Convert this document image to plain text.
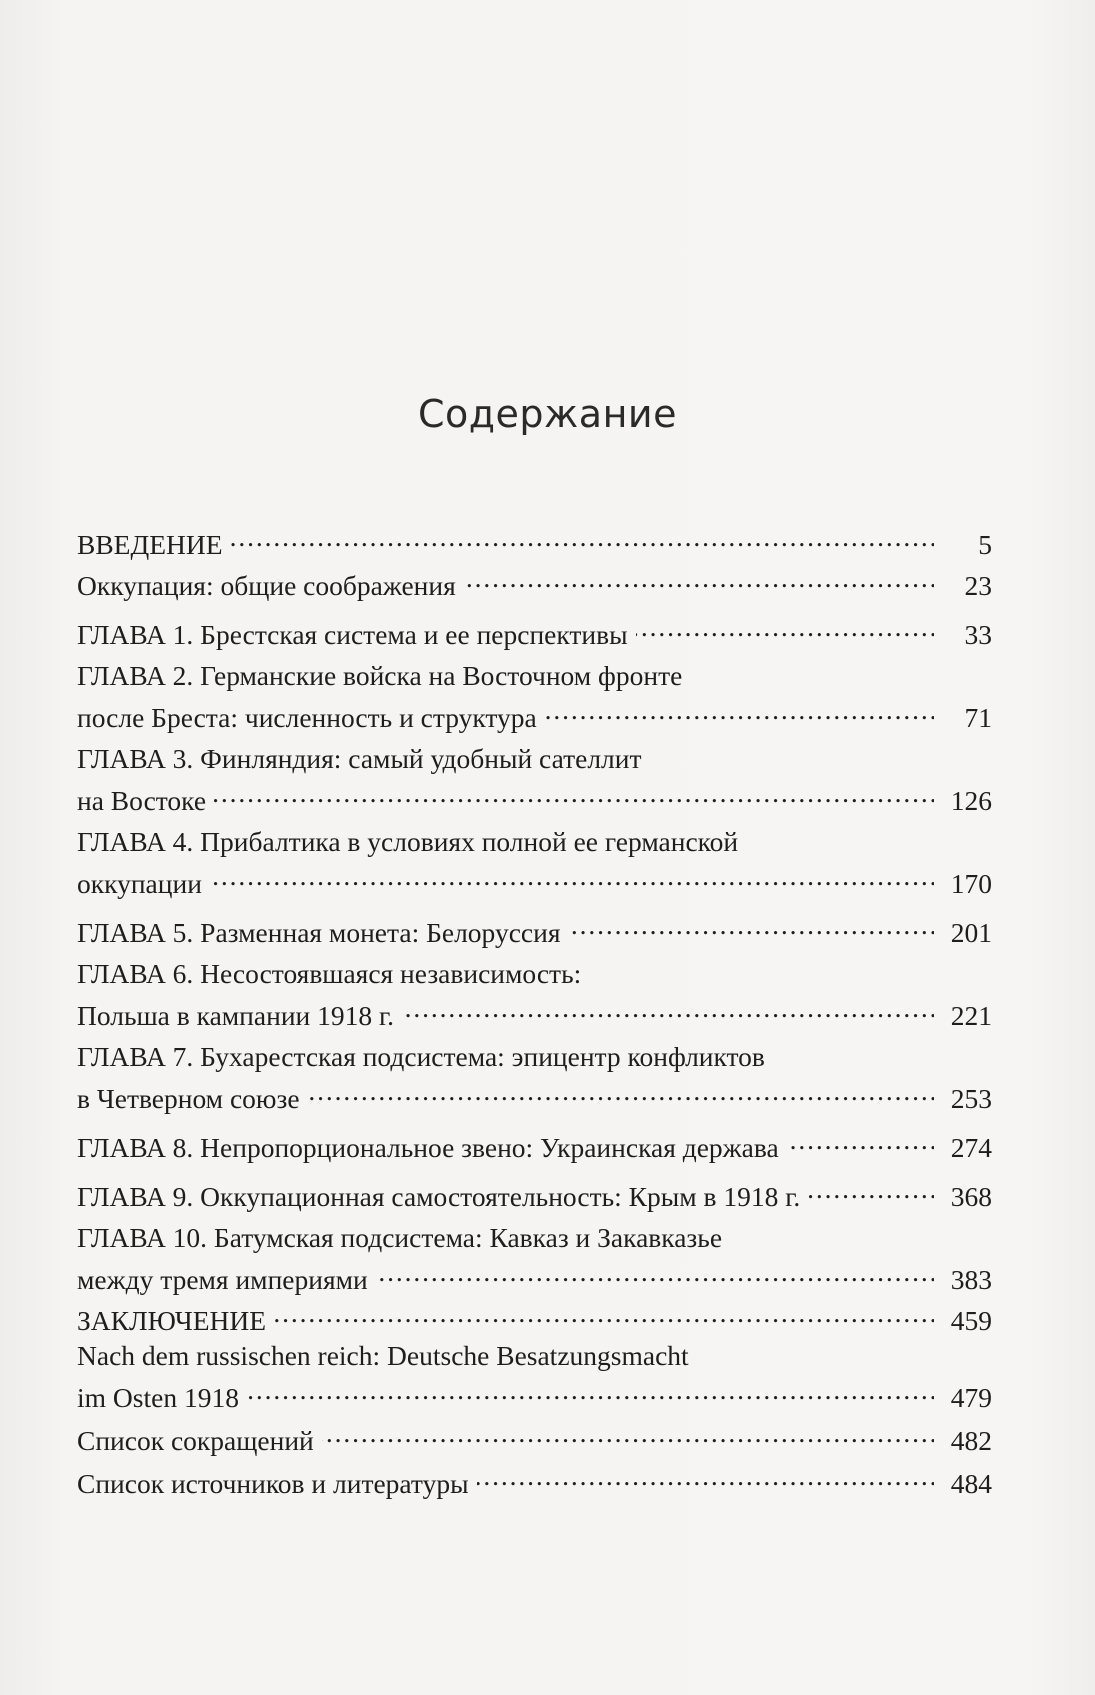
Содержание
ВВЕДЕНИЕ . . .	5
Оккупация: общие соображения . . .	23
ГЛАВА 1. Брестская система и ее перспективы . . .	33
ГЛАВА 2. Германские войска на Восточном фронте
после Бреста: численность и структура . . .	71
ГЛАВА 3. Финляндия: самый удобный сателлит
на Востоке . . .	126
ГЛАВА 4. Прибалтика в условиях полной ее германской
оккупации . . .	170
ГЛАВА 5. Разменная монета: Белоруссия . . .	201
ГЛАВА 6. Несостоявшаяся независимость:
Польша в кампании 1918 г. . . .	221
ГЛАВА 7. Бухарестская подсистема: эпицентр конфликтов
в Четверном союзе . . .	253
ГЛАВА 8. Непропорциональное звено: Украинская держава . . .	274
ГЛАВА 9. Оккупационная самостоятельность: Крым в 1918 г. . . .	368
ГЛАВА 10. Батумская подсистема: Кавказ и Закавказье
между тремя империями . . .	383
ЗАКЛЮЧЕНИЕ . . .	459
Nach dem russischen reich: Deutsche Besatzungsmacht
im Osten 1918 . . .	479
Список сокращений . . .	482
Список источников и литературы . . .	484
